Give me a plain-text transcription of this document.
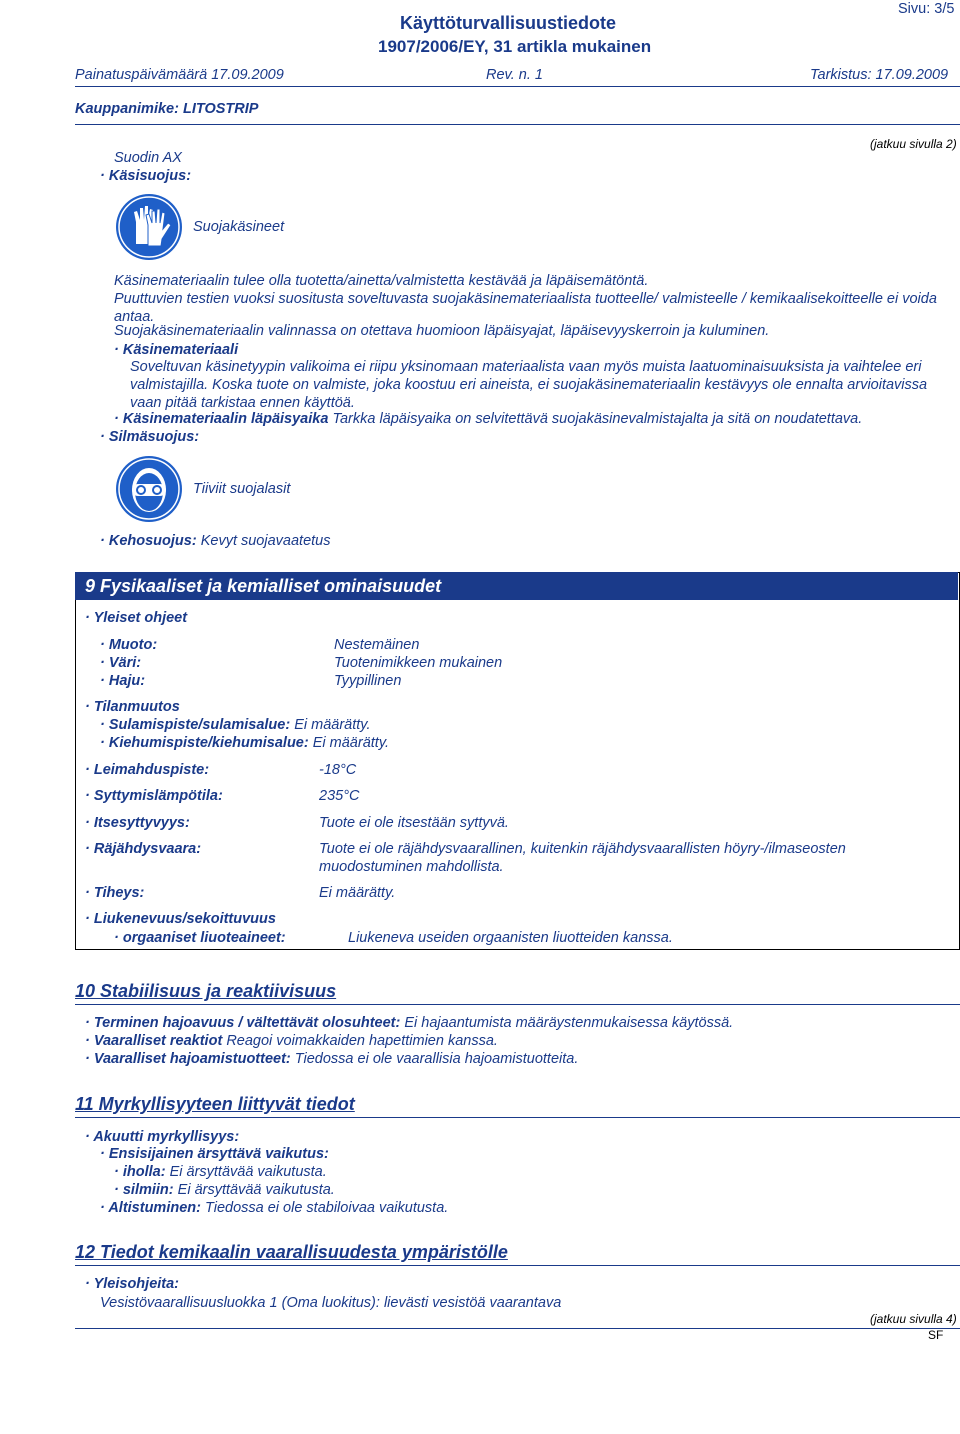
Käyttöturvallisuustiedote
1907/2006/EY, 31 artikla mukainen
Sivu: 3/5
Painatuspäivämäärä 17.09.2009	Rev. n. 1	Tarkistus: 17.09.2009
Kauppanimike: LITOSTRIP
(jatkuu sivulla 2)
Suodin AX
· Käsisuojus:
Suojakäsineet
Käsinemateriaalin tulee olla tuotetta/ainetta/valmistetta kestävää ja läpäisemätöntä.
Puuttuvien testien vuoksi suositusta soveltuvasta suojakäsinemateriaalista tuotteelle/ valmisteelle / kemikaalisekoitteelle ei voida antaa.
Suojakäsinemateriaalin valinnassa on otettava huomioon läpäisyajat, läpäisevyyskerroin ja kuluminen.
· Käsinemateriaali
Soveltuvan käsinetyypin valikoima ei riipu yksinomaan materiaalista vaan myös muista laatuominaisuuksista ja vaihtelee eri valmistajilla. Koska tuote on valmiste, joka koostuu eri aineista, ei suojakäsinemateriaalin kestävyys ole ennalta arvioitavissa vaan pitää tarkistaa ennen käyttöä.
· Käsinemateriaalin läpäisyaika Tarkka läpäisyaika on selvitettävä suojakäsinevalmistajalta ja sitä on noudatettava.
· Silmäsuojus:
Tiiviit suojalasit
· Kehosuojus: Kevyt suojavaatetus
9 Fysikaaliset ja kemialliset ominaisuudet
· Yleiset ohjeet
· Muoto:	Nestemäinen
· Väri:	Tuotenimikkeen mukainen
· Haju:	Tyypillinen
· Tilanmuutos
· Sulamispiste/sulamisalue: Ei määrätty.
· Kiehumispiste/kiehumisalue: Ei määrätty.
· Leimahduspiste:	-18°C
· Syttymislämpötila:	235°C
· Itsesyttyvyys:	Tuote ei ole itsestään syttyvä.
· Räjähdysvaara:	Tuote ei ole räjähdysvaarallinen, kuitenkin räjähdysvaarallisten höyry-/ilmaseosten muodostuminen mahdollista.
· Tiheys:	Ei määrätty.
· Liukenevuus/sekoittuvuus
· orgaaniset liuoteaineet:	Liukeneva useiden orgaanisten liuotteiden kanssa.
10 Stabiilisuus ja reaktiivisuus
· Terminen hajoavuus / vältettävät olosuhteet: Ei hajaantumista määräystenmukaisessa käytössä.
· Vaaralliset reaktiot Reagoi voimakkaiden hapettimien kanssa.
· Vaaralliset hajoamistuotteet: Tiedossa ei ole vaarallisia hajoamistuotteita.
11 Myrkyllisyyteen liittyvät tiedot
· Akuutti myrkyllisyys:
· Ensisijainen ärsyttävä vaikutus:
· iholla: Ei ärsyttävää vaikutusta.
· silmiin: Ei ärsyttävää vaikutusta.
· Altistuminen: Tiedossa ei ole stabiloivaa vaikutusta.
12 Tiedot kemikaalin vaarallisuudesta ympäristölle
· Yleisohjeita:
Vesistövaarallisuusluokka 1 (Oma luokitus): lievästi vesistöä vaarantava
(jatkuu sivulla 4)
SF
